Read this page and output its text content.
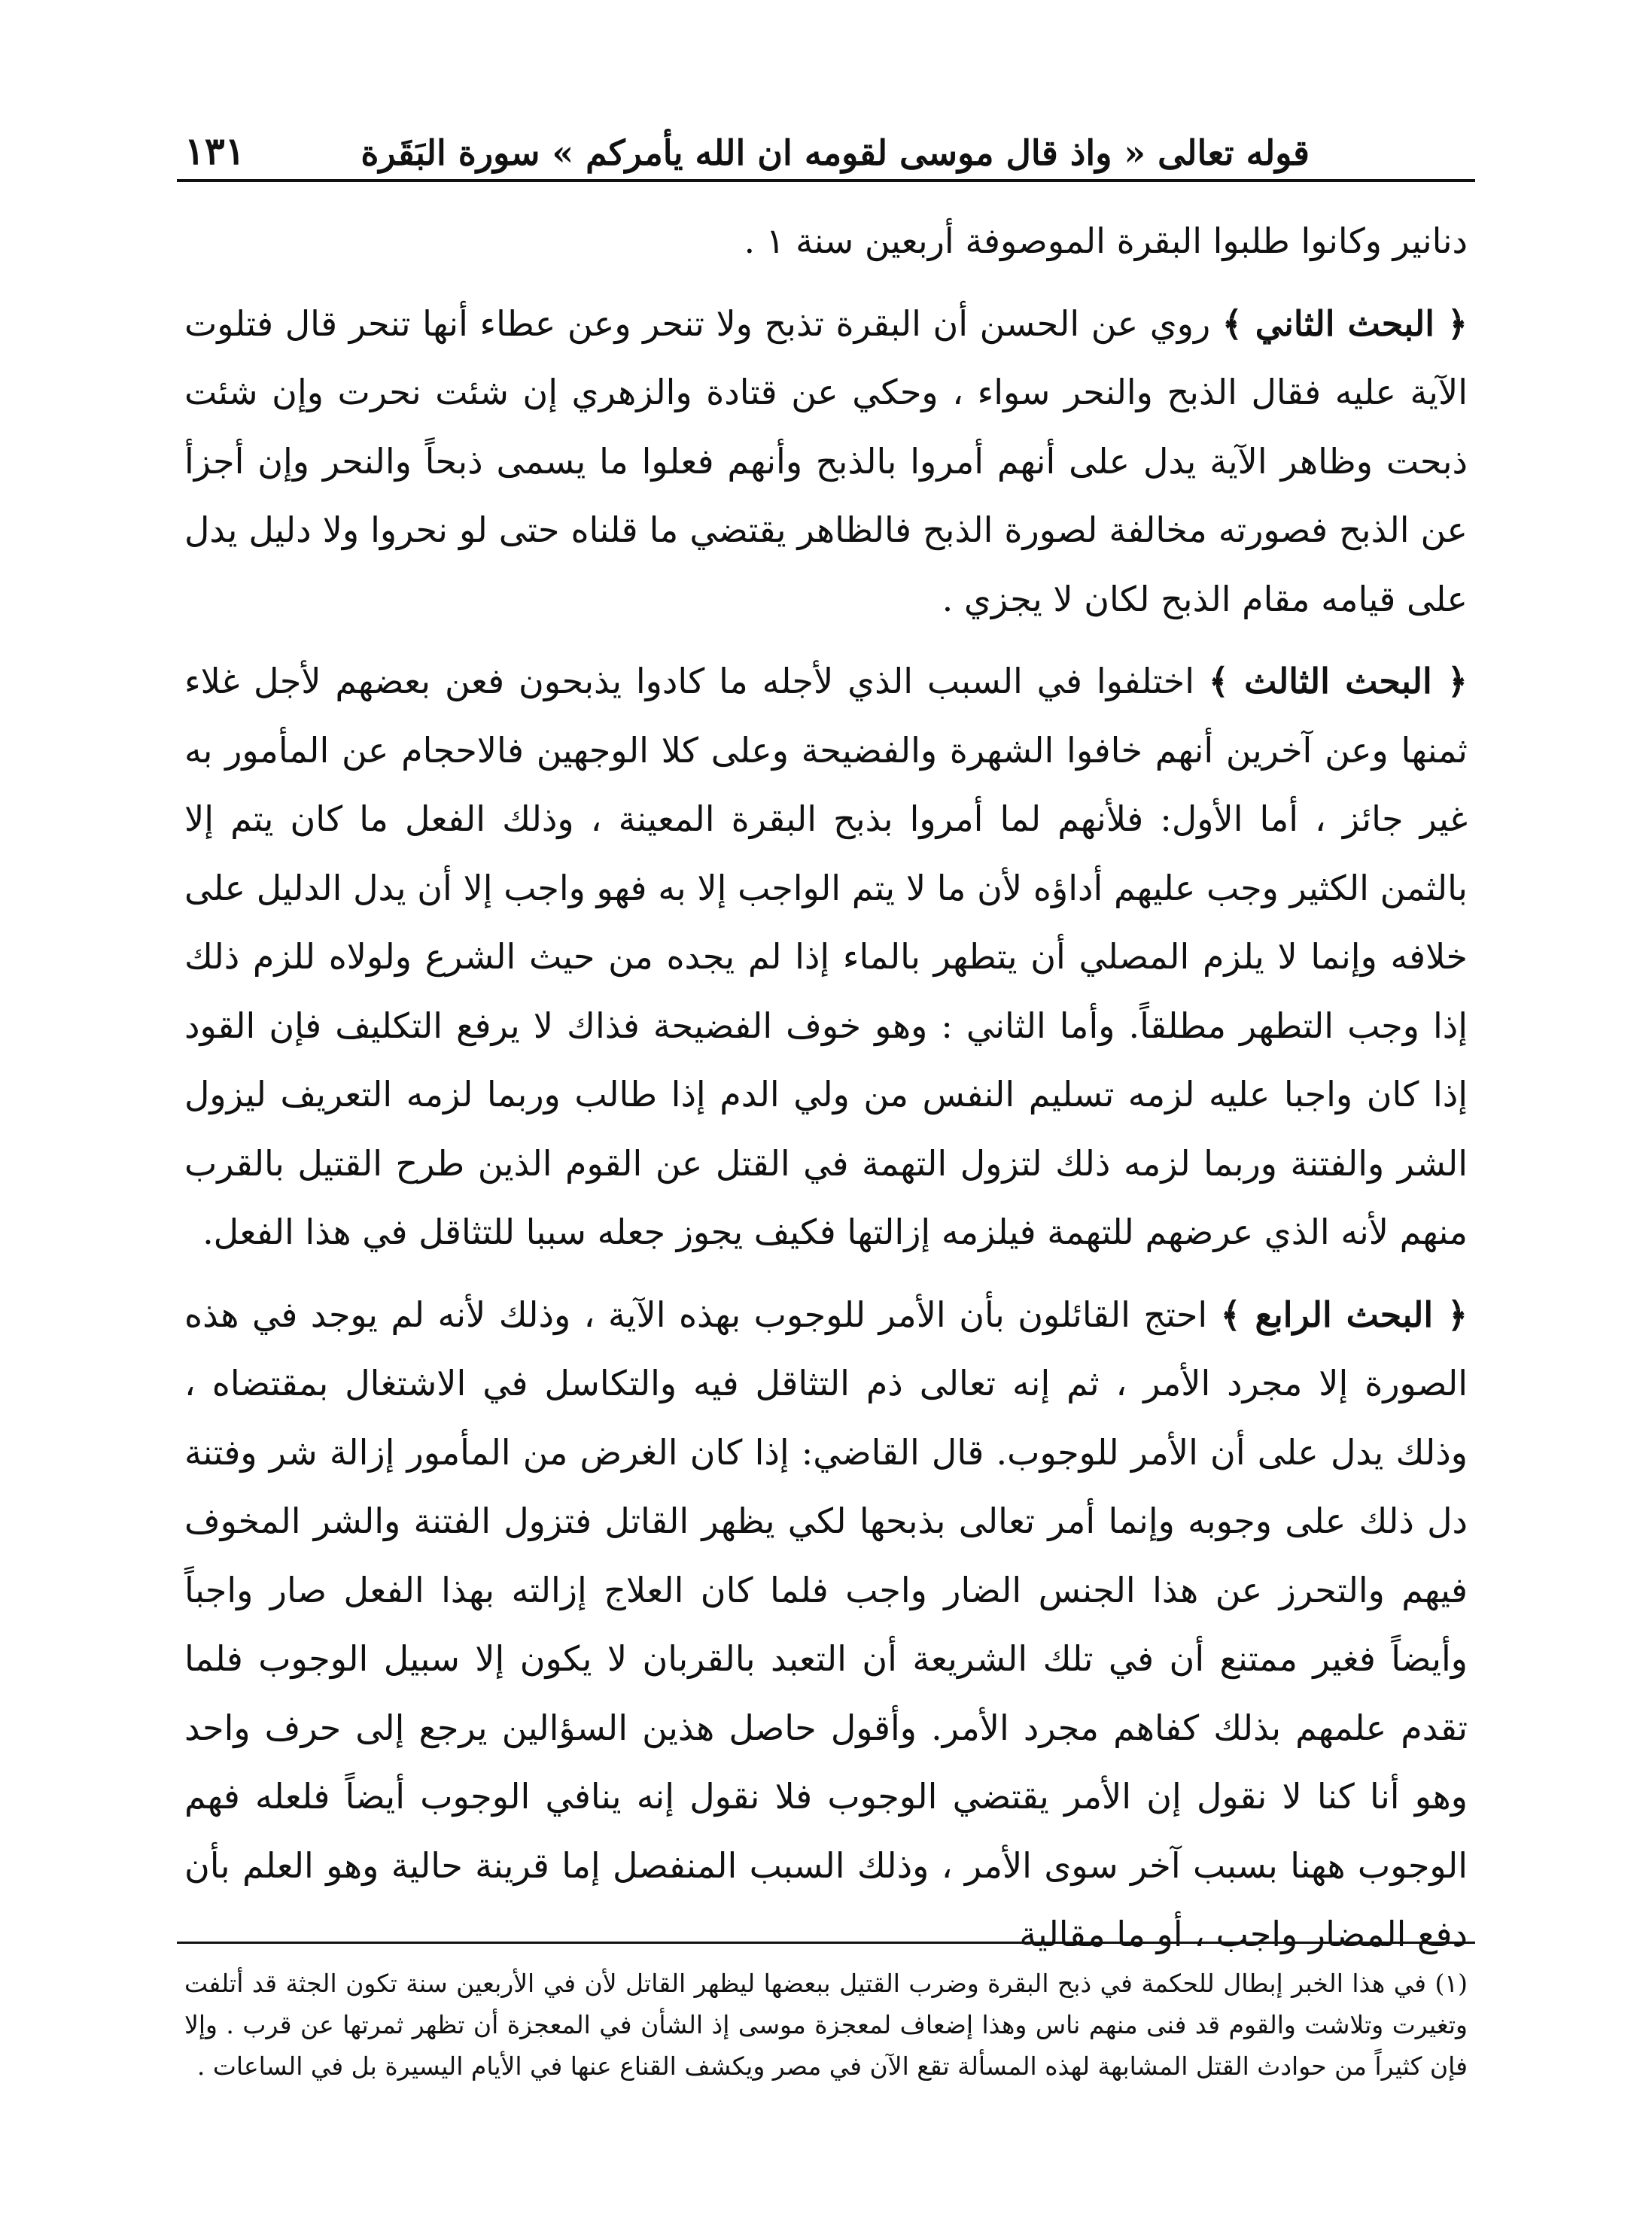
قوله تعالى « واذ قال موسى لقومه ان الله يأمركم » سورة البَقَرة
١٣١

دنانير وكانوا طلبوا البقرة الموصوفة أربعين سنة ١ .

﴿ البحث الثاني ﴾ روي عن الحسن أن البقرة تذبح ولا تنحر وعن عطاء أنها تنحر قال فتلوت الآية عليه فقال الذبح والنحر سواء ، وحكي عن قتادة والزهري إن شئت نحرت وإن شئت ذبحت وظاهر الآية يدل على أنهم أمروا بالذبح وأنهم فعلوا ما يسمى ذبحاً والنحر وإن أجزأ عن الذبح فصورته مخالفة لصورة الذبح فالظاهر يقتضي ما قلناه حتى لو نحروا ولا دليل يدل على قيامه مقام الذبح لكان لا يجزي .

﴿ البحث الثالث ﴾ اختلفوا في السبب الذي لأجله ما كادوا يذبحون فعن بعضهم لأجل غلاء ثمنها وعن آخرين أنهم خافوا الشهرة والفضيحة وعلى كلا الوجهين فالاحجام عن المأمور به غير جائز ، أما الأول: فلأنهم لما أمروا بذبح البقرة المعينة ، وذلك الفعل ما كان يتم إلا بالثمن الكثير وجب عليهم أداؤه لأن ما لا يتم الواجب إلا به فهو واجب إلا أن يدل الدليل على خلافه وإنما لا يلزم المصلي أن يتطهر بالماء إذا لم يجده من حيث الشرع ولولاه للزم ذلك إذا وجب التطهر مطلقاً. وأما الثاني : وهو خوف الفضيحة فذاك لا يرفع التكليف فإن القود إذا كان واجبا عليه لزمه تسليم النفس من ولي الدم إذا طالب وربما لزمه التعريف ليزول الشر والفتنة وربما لزمه ذلك لتزول التهمة في القتل عن القوم الذين طرح القتيل بالقرب منهم لأنه الذي عرضهم للتهمة فيلزمه إزالتها فكيف يجوز جعله سببا للتثاقل في هذا الفعل.

﴿ البحث الرابع ﴾ احتج القائلون بأن الأمر للوجوب بهذه الآية ، وذلك لأنه لم يوجد في هذه الصورة إلا مجرد الأمر ، ثم إنه تعالى ذم التثاقل فيه والتكاسل في الاشتغال بمقتضاه ، وذلك يدل على أن الأمر للوجوب. قال القاضي: إذا كان الغرض من المأمور إزالة شر وفتنة دل ذلك على وجوبه وإنما أمر تعالى بذبحها لكي يظهر القاتل فتزول الفتنة والشر المخوف فيهم والتحرز عن هذا الجنس الضار واجب فلما كان العلاج إزالته بهذا الفعل صار واجباً وأيضاً فغير ممتنع أن في تلك الشريعة أن التعبد بالقربان لا يكون إلا سبيل الوجوب فلما تقدم علمهم بذلك كفاهم مجرد الأمر. وأقول حاصل هذين السؤالين يرجع إلى حرف واحد وهو أنا كنا لا نقول إن الأمر يقتضي الوجوب فلا نقول إنه ينافي الوجوب أيضاً فلعله فهم الوجوب ههنا بسبب آخر سوى الأمر ، وذلك السبب المنفصل إما قرينة حالية وهو العلم بأن دفع المضار واجب ، أو ما مقالية

(١) في هذا الخبر إبطال للحكمة في ذبح البقرة وضرب القتيل ببعضها ليظهر القاتل لأن في الأربعين سنة تكون الجثة قد أتلفت وتغيرت وتلاشت والقوم قد فنى منهم ناس وهذا إضعاف لمعجزة موسى إذ الشأن في المعجزة أن تظهر ثمرتها عن قرب . وإلا فإن كثيراً من حوادث القتل المشابهة لهذه المسألة تقع الآن في مصر ويكشف القناع عنها في الأيام اليسيرة بل في الساعات .
